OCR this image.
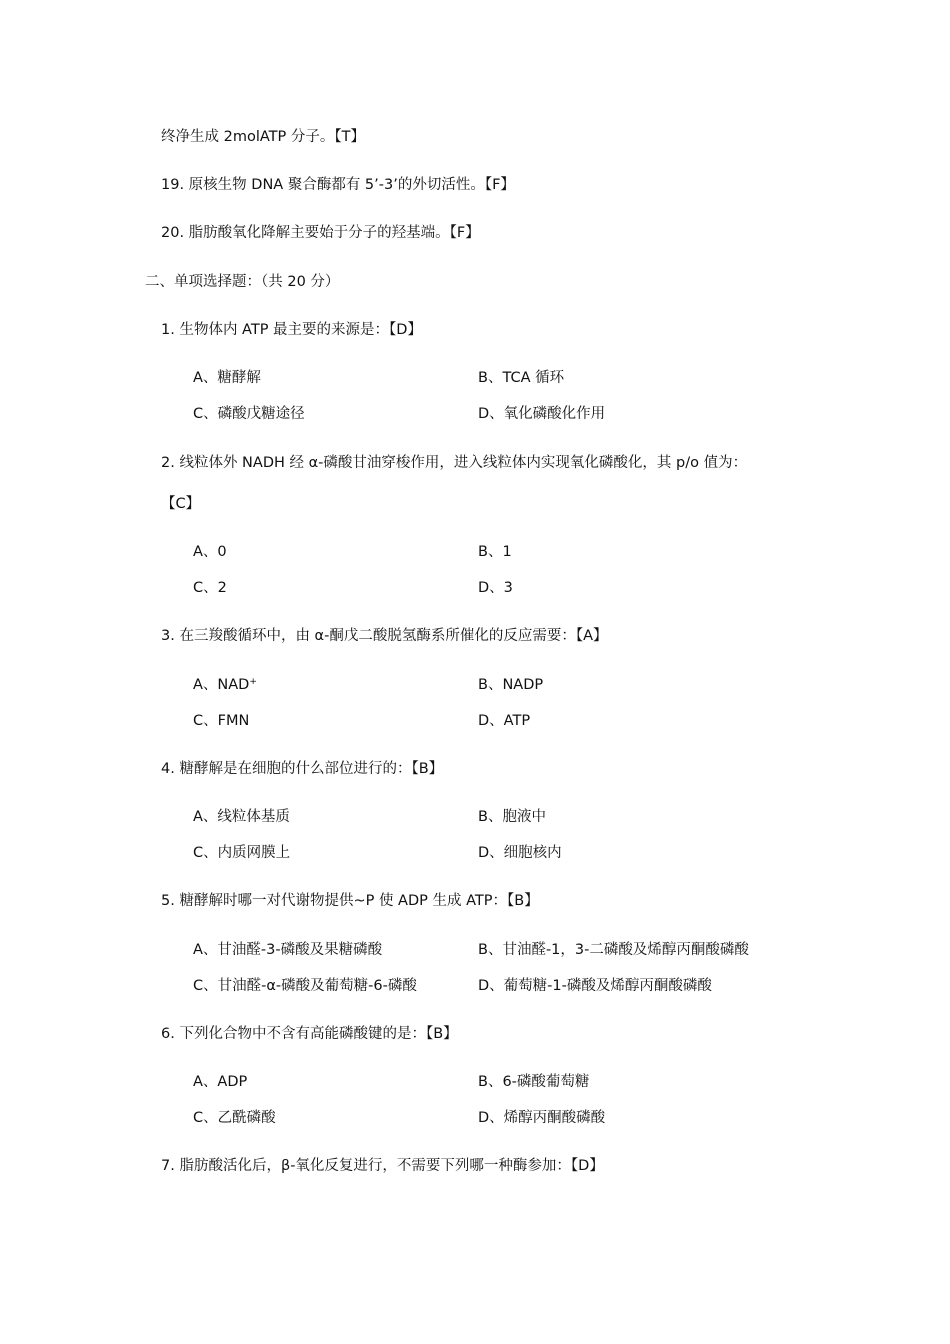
终净生成 2molATP 分子。【T】
19. 原核生物 DNA 聚合酶都有 5’-3’的外切活性。【F】
20. 脂肪酸氧化降解主要始于分子的羟基端。【F】
二、单项选择题：（共 20 分）
1. 生物体内 ATP 最主要的来源是：【D】
A、糖酵解	B、TCA 循环
C、磷酸戊糖途径	D、氧化磷酸化作用
2. 线粒体外 NADH 经 α-磷酸甘油穿梭作用，进入线粒体内实现氧化磷酸化，其 p/o 值为：
【C】
A、0	B、1
C、2	D、3
3. 在三羧酸循环中，由 α-酮戊二酸脱氢酶系所催化的反应需要：【A】
A、NAD+	B、NADP
C、FMN	D、ATP
4. 糖酵解是在细胞的什么部位进行的：【B】
A、线粒体基质	B、胞液中
C、内质网膜上	D、细胞核内
5. 糖酵解时哪一对代谢物提供~P 使 ADP 生成 ATP：【B】
A、甘油醛-3-磷酸及果糖磷酸	B、甘油醛-1，3-二磷酸及烯醇丙酮酸磷酸
C、甘油醛-α-磷酸及葡萄糖-6-磷酸	D、葡萄糖-1-磷酸及烯醇丙酮酸磷酸
6. 下列化合物中不含有高能磷酸键的是：【B】
A、ADP	B、6-磷酸葡萄糖
C、乙酰磷酸	D、烯醇丙酮酸磷酸
7. 脂肪酸活化后，β-氧化反复进行，不需要下列哪一种酶参加：【D】
